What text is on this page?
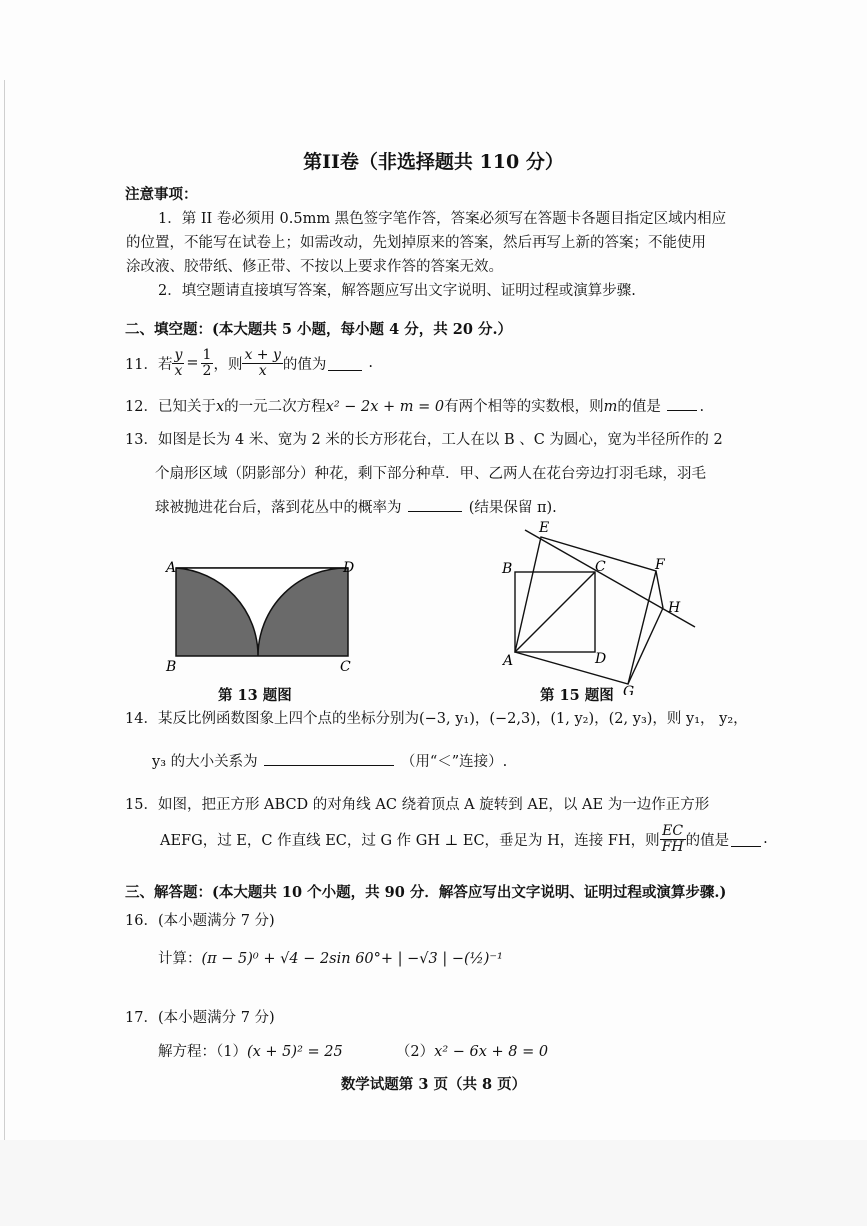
第II卷（非选择题共 110 分）
注意事项：
1．第 II 卷必须用 0.5mm 黑色签字笔作答，答案必须写在答题卡各题目指定区域内相应
的位置，不能写在试卷上；如需改动，先划掉原来的答案，然后再写上新的答案；不能使用
涂改液、胶带纸、修正带、不按以上要求作答的答案无效。
2．填空题请直接填写答案，解答题应写出文字说明、证明过程或演算步骤.
二、填空题：(本大题共 5 小题，每小题 4 分，共 20 分.）
11． 若 $\frac{y}{x} = \frac{1}{2}$ ，则 $\frac{x + y}{x}$ 的值为	.
12．已知关于x的一元二次方程x² − 2x + m = 0有两个相等的实数根，则m的值是	.
13．如图是长为 4 米、宽为 2 米的长方形花台，工人在以 B 、C 为圆心，宽为半径所作的 2
个扇形区域（阴影部分）种花，剩下部分种草．甲、乙两人在花台旁边打羽毛球，羽毛
球被抛进花台后，落到花丛中的概率为	(结果保留 π).
A	D
B	C
第 13 题图
B	C
A	D
E
F
G
H
第 15 题图
14．某反比例函数图象上四个点的坐标分别为(−3, y₁)，(−2,3)，(1, y₂)，(2, y₃)，则 y₁， y₂，
y₃ 的大小关系为	（用“＜”连接）.
15．如图，把正方形 ABCD 的对角线 AC 绕着顶点 A 旋转到 AE，以 AE 为一边作正方形
AEFG，过 E，C 作直线 EC，过 G 作 GH ⊥ EC，垂足为 H，连接 FH，则 $\frac{EC}{FH}$ 的值是 .
三、解答题：(本大题共 10 个小题，共 90 分．解答应写出文字说明、证明过程或演算步骤.)
16．(本小题满分 7 分)
计算：(π − 5)⁰ + √4 − 2sin 60°+ | −√3 | −(½)⁻¹
17．(本小题满分 7 分)
解方程：（1）(x + 5)² = 25	（2）x² − 6x + 8 = 0
数学试题第 3 页（共 8 页）
